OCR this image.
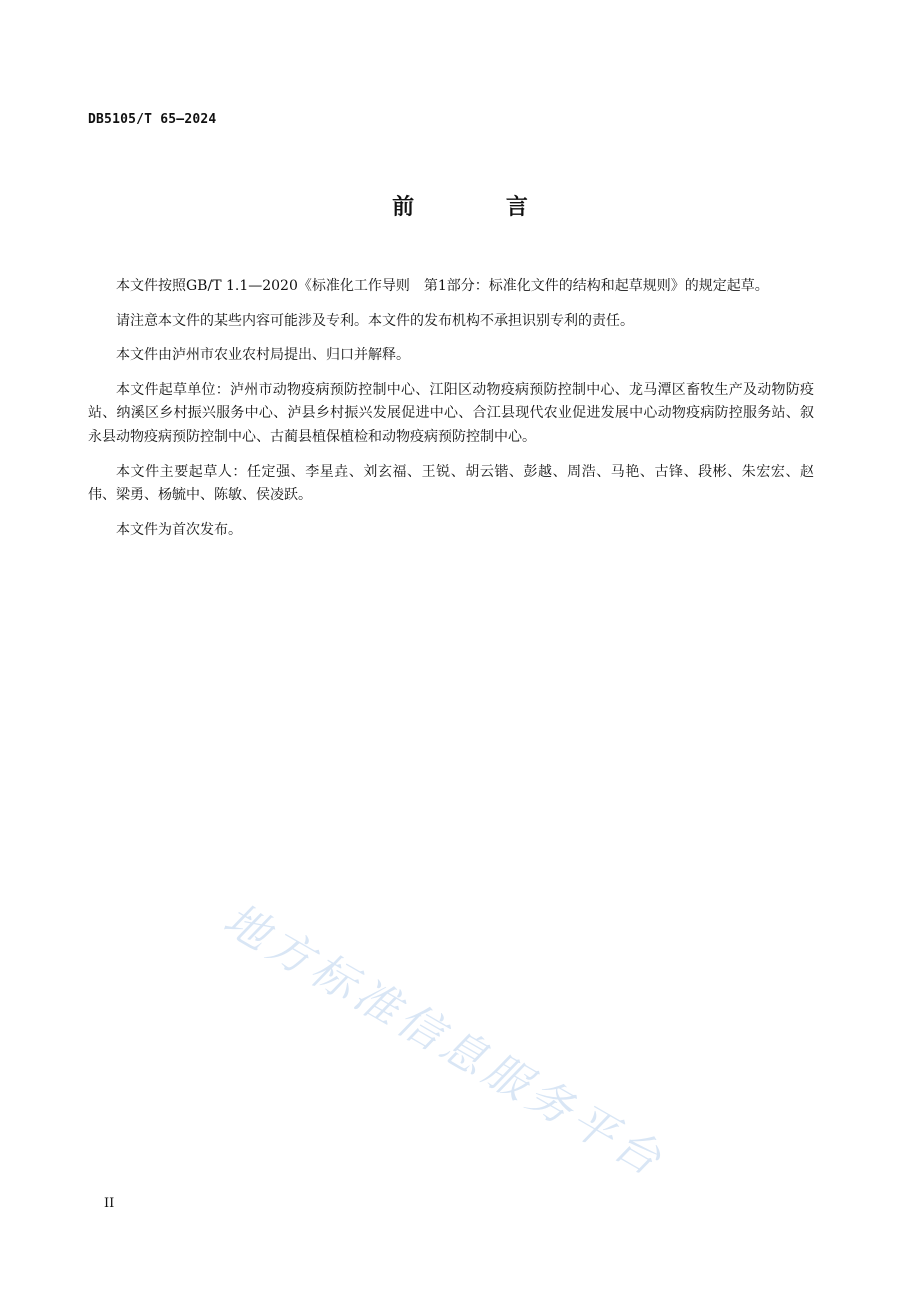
DB5105/T 65—2024
前 言

本文件按照GB/T 1.1—2020《标准化工作导则　第1部分：标准化文件的结构和起草规则》的规定起草。

请注意本文件的某些内容可能涉及专利。本文件的发布机构不承担识别专利的责任。

本文件由泸州市农业农村局提出、归口并解释。

本文件起草单位：泸州市动物疫病预防控制中心、江阳区动物疫病预防控制中心、龙马潭区畜牧生产及动物防疫站、纳溪区乡村振兴服务中心、泸县乡村振兴发展促进中心、合江县现代农业促进发展中心动物疫病防控服务站、叙永县动物疫病预防控制中心、古蔺县植保植检和动物疫病预防控制中心。

本文件主要起草人：任定强、李星垚、刘玄福、王锐、胡云锴、彭越、周浩、马艳、古锋、段彬、朱宏宏、赵伟、梁勇、杨毓中、陈敏、侯凌跃。

本文件为首次发布。

地方标准信息服务平台
II
